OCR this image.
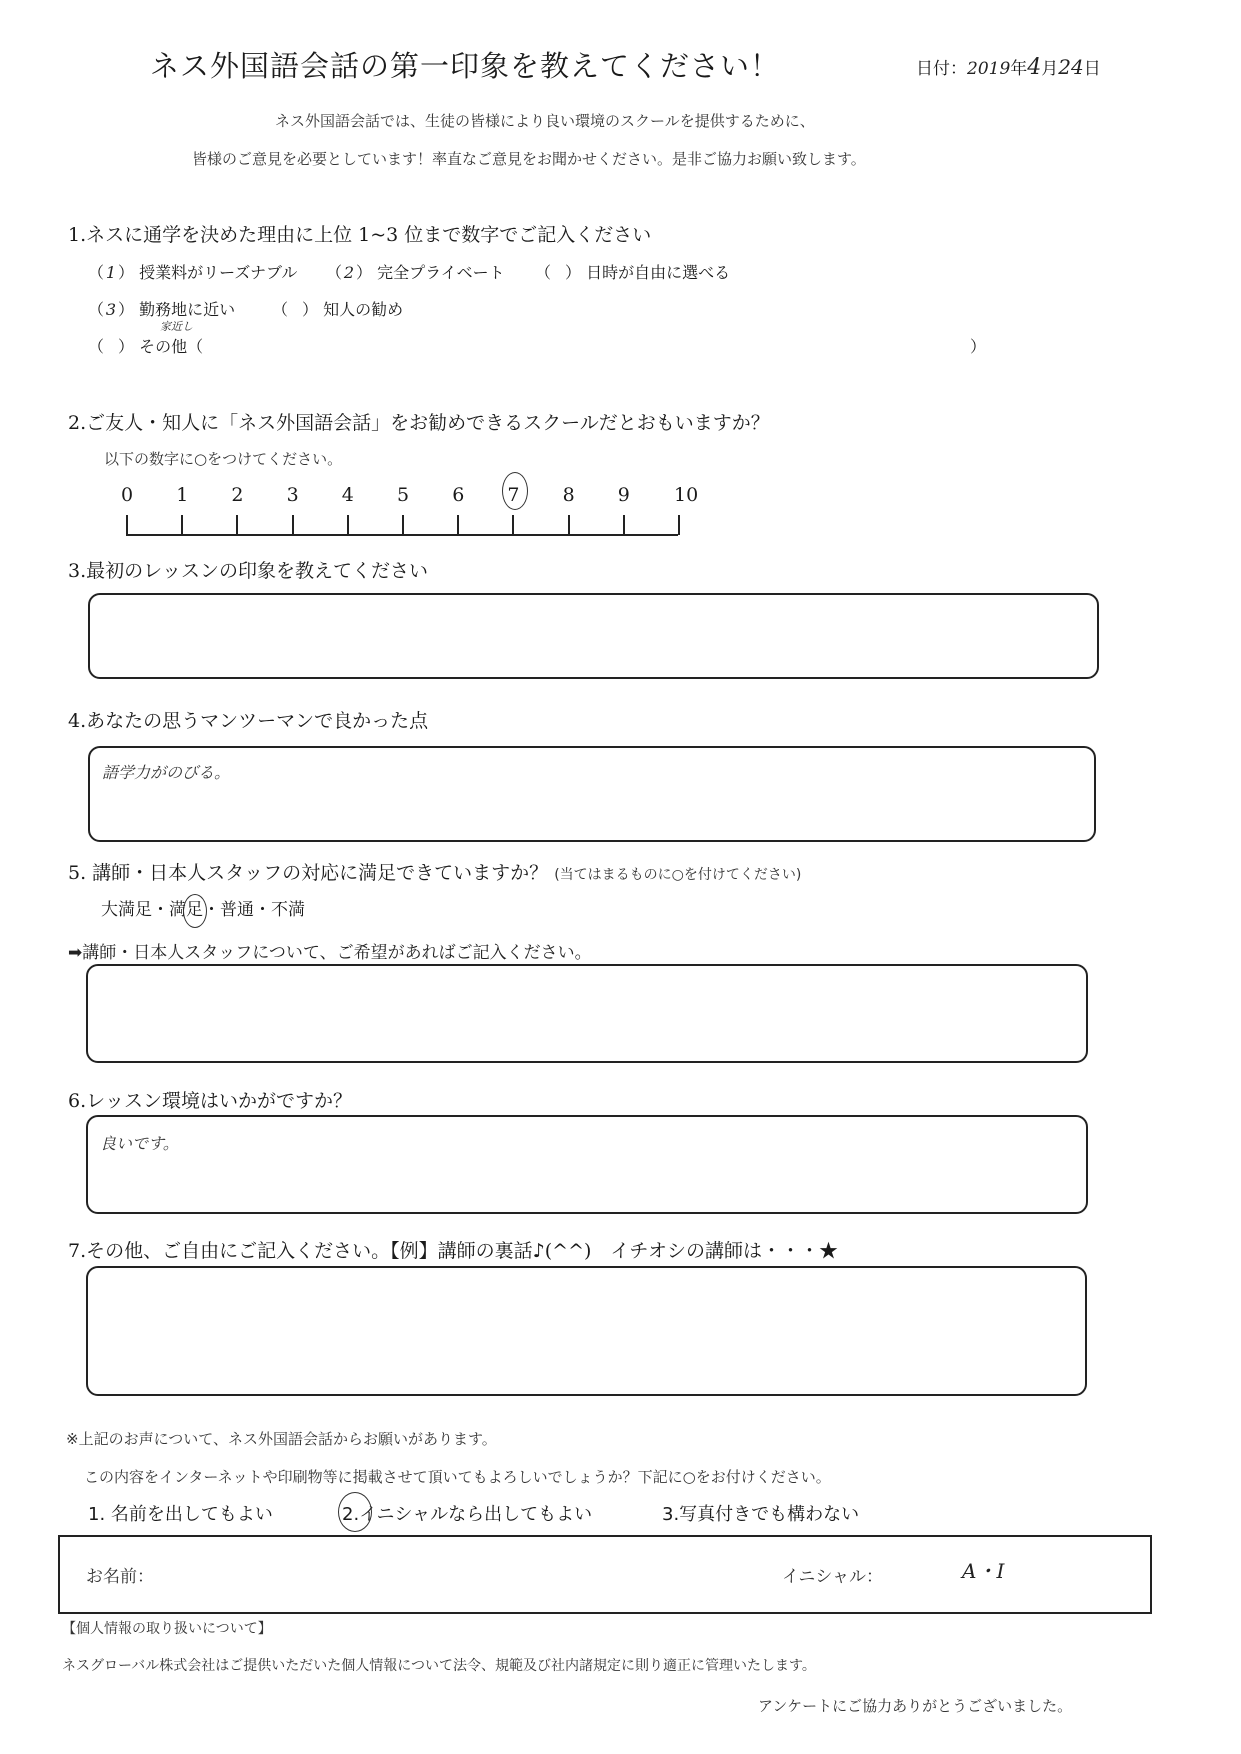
ネス外国語会話の第一印象を教えてください！	日付：2019年4月24日
ネス外国語会話では、生徒の皆様により良い環境のスクールを提供するために、
皆様のご意見を必要としています！率直なご意見をお聞かせください。是非ご協力お願い致します。
1.ネスに通学を決めた理由に上位 1~3 位まで数字でご記入ください
（ 1 ） 授業料がリーズナブル （ 2 ） 完全プライベート （ ） 日時が自由に選べる
（ 3 ） 勤務地に近い （ ） 知人の勧め
家近し
（ ） その他（	）
2.ご友人・知人に「ネス外国語会話」をお勧めできるスクールだとおもいますか？
以下の数字に○をつけてください。
0 1 2 3 4 5 6 7 8 9 10
3.最初のレッスンの印象を教えてください
4.あなたの思うマンツーマンで良かった点
語学力がのびる。
5. 講師・日本人スタッフの対応に満足できていますか？ (当てはまるものに○を付けてください)
大満足・満足
・普通・不満
➡講師・日本人スタッフについて、ご希望があればご記入ください。
6.レッスン環境はいかがですか？
良いです。
7.その他、ご自由にご記入ください。【例】講師の裏話♪(^^)　イチオシの講師は・・・★
※上記のお声について、ネス外国語会話からお願いがあります。
この内容をインターネットや印刷物等に掲載させて頂いてもよろしいでしょうか？下記に○をお付けください。
1. 名前を出してもよい	2.イニシャルなら出してもよい	3.写真付きでも構わない
お名前：	イニシャル：	A・I
【個人情報の取り扱いについて】
ネスグローバル株式会社はご提供いただいた個人情報について法令、規範及び社内諸規定に則り適正に管理いたします。
アンケートにご協力ありがとうございました。
